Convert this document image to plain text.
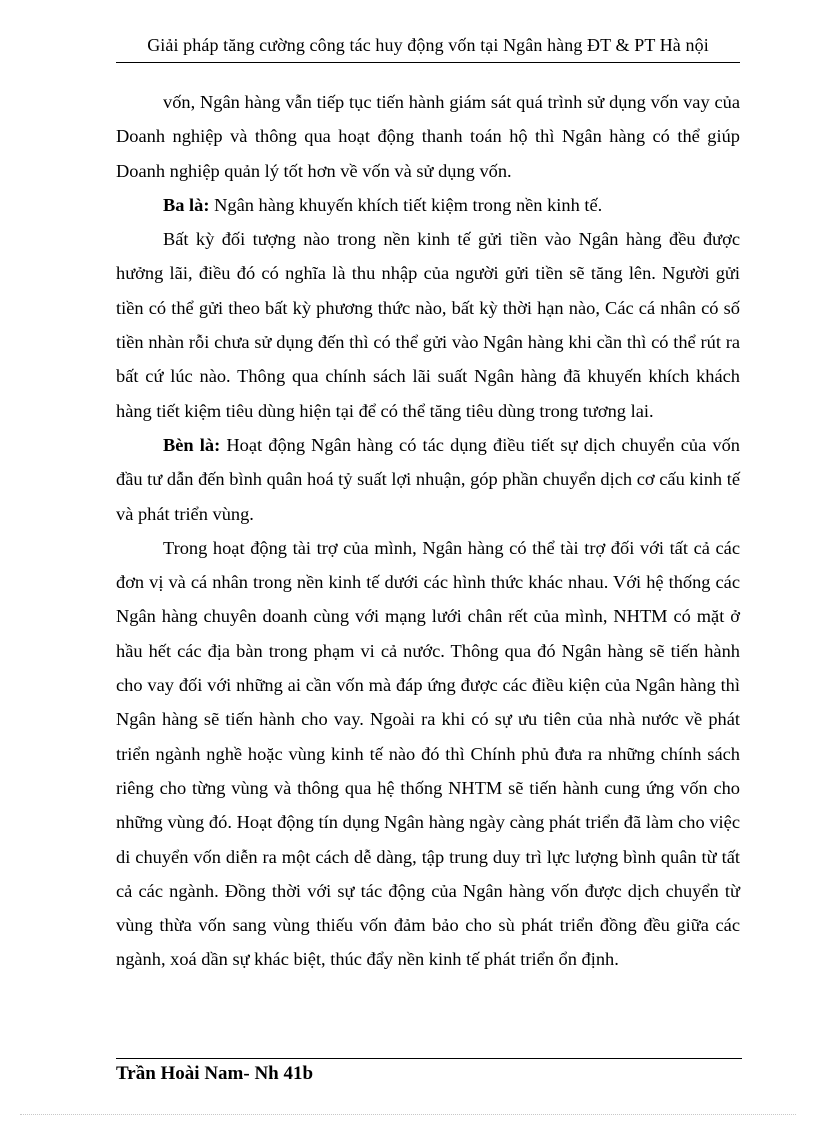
Giải pháp tăng cường công tác huy động vốn tại Ngân hàng ĐT & PT Hà nội

vốn, Ngân hàng vẫn tiếp tục tiến hành giám sát quá trình sử dụng vốn vay của Doanh nghiệp và thông qua hoạt động thanh toán hộ thì Ngân hàng có thể giúp Doanh nghiệp quản lý tốt hơn về vốn và sử dụng vốn.

Ba là: Ngân hàng khuyến khích tiết kiệm trong nền kinh tế.

Bất kỳ đối tượng nào trong nền kinh tế gửi tiền vào Ngân hàng đều được hưởng lãi, điều đó có nghĩa là thu nhập của người gửi tiền sẽ tăng lên. Người gửi tiền có thể gửi theo bất kỳ phương thức nào, bất kỳ thời hạn nào, Các cá nhân có số tiền nhàn rỗi chưa sử dụng đến thì có thể gửi vào Ngân hàng khi cần thì có thể rút ra bất cứ lúc nào. Thông qua chính sách lãi suất Ngân hàng đã khuyến khích khách hàng tiết kiệm tiêu dùng hiện tại để có thể tăng tiêu dùng trong tương lai.

Bèn là: Hoạt động Ngân hàng có tác dụng điều tiết sự dịch chuyển của vốn đầu tư dẫn đến bình quân hoá tỷ suất lợi nhuận, góp phần chuyển dịch cơ cấu kinh tế và phát triển vùng.

Trong hoạt động tài trợ của mình, Ngân hàng có thể tài trợ đối với tất cả các đơn vị và cá nhân trong nền kinh tế dưới các hình thức khác nhau. Với hệ thống các Ngân hàng chuyên doanh cùng với mạng lưới chân rết của mình, NHTM có mặt ở hầu hết các địa bàn trong phạm vi cả nước. Thông qua đó Ngân hàng sẽ tiến hành cho vay đối với những ai cần vốn mà đáp ứng được các điều kiện của Ngân hàng thì Ngân hàng sẽ tiến hành cho vay. Ngoài ra khi có sự ưu tiên của nhà nước về phát triển ngành nghề hoặc vùng kinh tế nào đó thì Chính phủ đưa ra những chính sách riêng cho từng vùng và thông qua hệ thống NHTM sẽ tiến hành cung ứng vốn cho những vùng đó. Hoạt động tín dụng Ngân hàng ngày càng phát triển đã làm cho việc di chuyển vốn diễn ra một cách dễ dàng, tập trung duy trì lực lượng bình quân từ tất cả các ngành. Đồng thời với sự tác động của Ngân hàng vốn được dịch chuyển từ vùng thừa vốn sang vùng thiếu vốn đảm bảo cho sù phát triển đồng đều giữa các ngành, xoá dần sự khác biệt, thúc đẩy nền kinh tế phát triển ổn định.

Trần Hoài Nam- Nh 41b
